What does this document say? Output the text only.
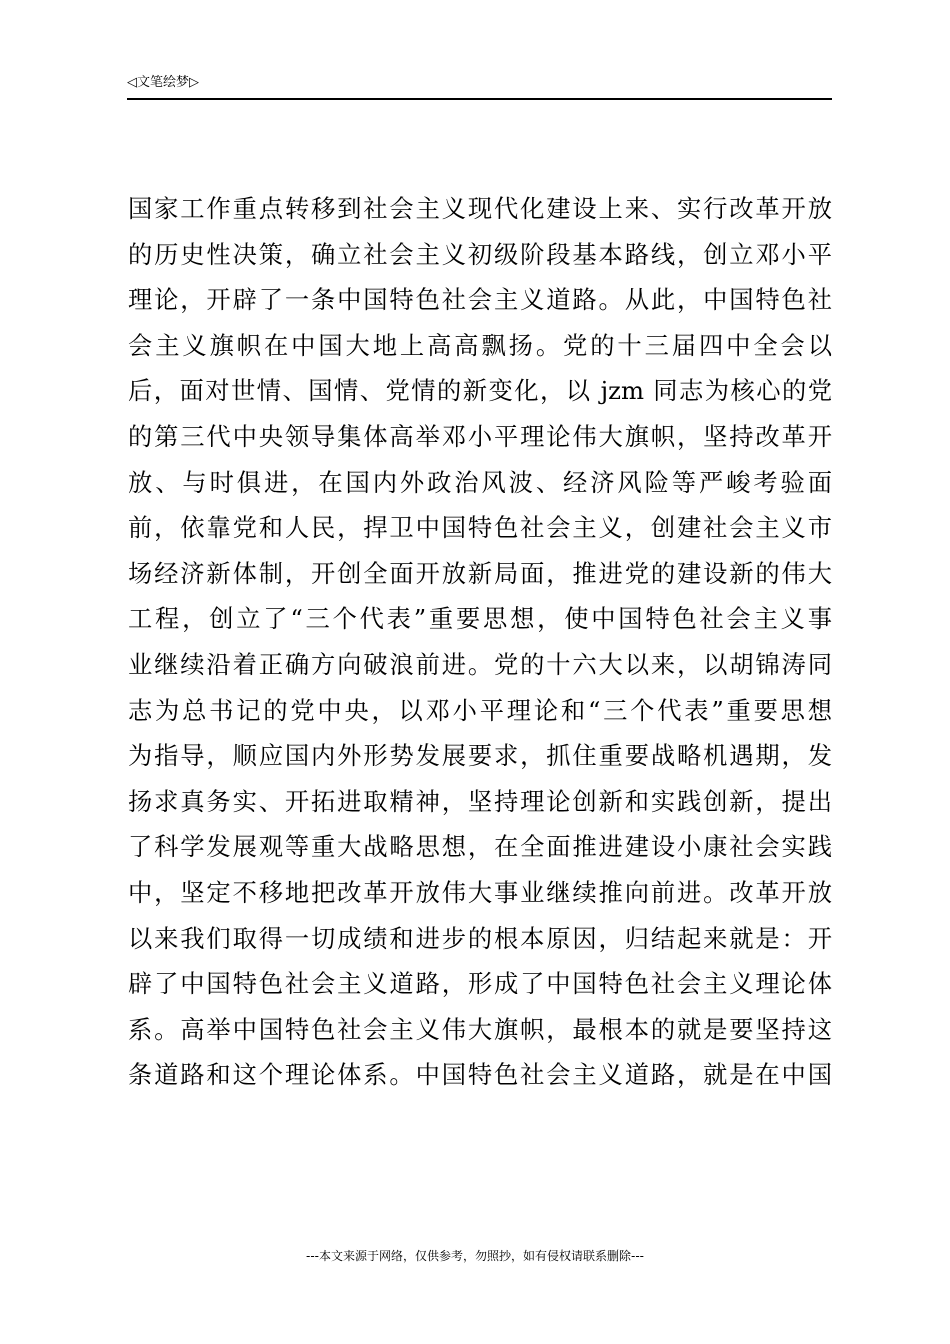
◁文笔绘梦▷
国家工作重点转移到社会主义现代化建设上来、实行改革开放
的历史性决策，确立社会主义初级阶段基本路线，创立邓小平
理论，开辟了一条中国特色社会主义道路。从此，中国特色社
会主义旗帜在中国大地上高高飘扬。党的十三届四中全会以
后，面对世情、国情、党情的新变化，以 jzm 同志为核心的党
的第三代中央领导集体高举邓小平理论伟大旗帜，坚持改革开
放、与时俱进，在国内外政治风波、经济风险等严峻考验面
前，依靠党和人民，捍卫中国特色社会主义，创建社会主义市
场经济新体制，开创全面开放新局面，推进党的建设新的伟大
工程，创立了“三个代表”重要思想，使中国特色社会主义事
业继续沿着正确方向破浪前进。党的十六大以来，以胡锦涛同
志为总书记的党中央，以邓小平理论和“三个代表”重要思想
为指导，顺应国内外形势发展要求，抓住重要战略机遇期，发
扬求真务实、开拓进取精神，坚持理论创新和实践创新，提出
了科学发展观等重大战略思想，在全面推进建设小康社会实践
中，坚定不移地把改革开放伟大事业继续推向前进。改革开放
以来我们取得一切成绩和进步的根本原因，归结起来就是：开
辟了中国特色社会主义道路，形成了中国特色社会主义理论体
系。高举中国特色社会主义伟大旗帜，最根本的就是要坚持这
条道路和这个理论体系。中国特色社会主义道路，就是在中国
---本文来源于网络，仅供参考，勿照抄，如有侵权请联系删除---
